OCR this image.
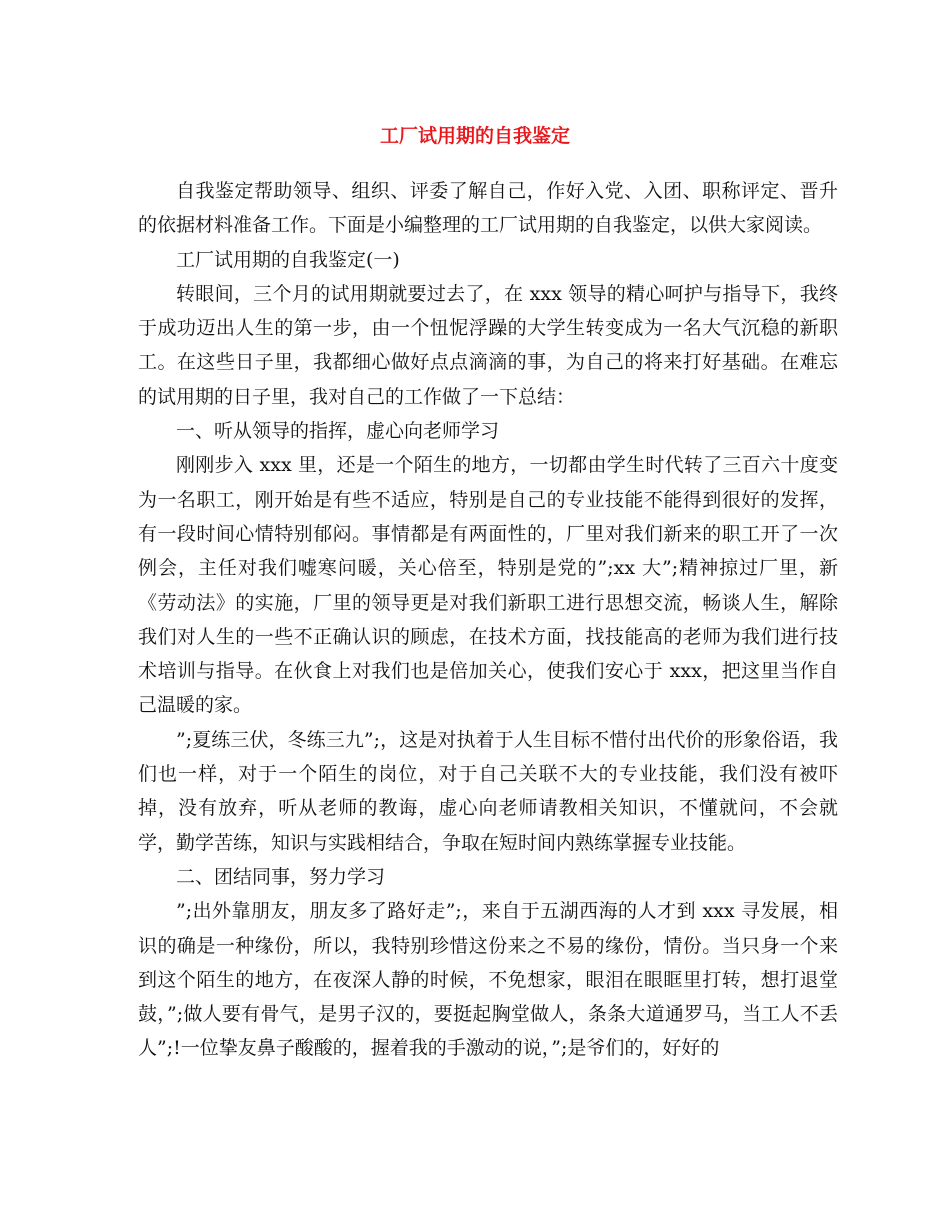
工厂试用期的自我鉴定

自我鉴定帮助领导、组织、评委了解自己，作好入党、入团、职称评定、晋升的依据材料准备工作。下面是小编整理的工厂试用期的自我鉴定，以供大家阅读。

工厂试用期的自我鉴定(一)

转眼间，三个月的试用期就要过去了，在 xxx 领导的精心呵护与指导下，我终于成功迈出人生的第一步，由一个忸怩浮躁的大学生转变成为一名大气沉稳的新职工。在这些日子里，我都细心做好点点滴滴的事，为自己的将来打好基础。在难忘的试用期的日子里，我对自己的工作做了一下总结：

一、听从领导的指挥，虚心向老师学习

刚刚步入 xxx 里，还是一个陌生的地方，一切都由学生时代转了三百六十度变为一名职工，刚开始是有些不适应，特别是自己的专业技能不能得到很好的发挥，有一段时间心情特别郁闷。事情都是有两面性的，厂里对我们新来的职工开了一次例会，主任对我们嘘寒问暖，关心倍至，特别是党的”;xx 大”;精神掠过厂里，新《劳动法》的实施，厂里的领导更是对我们新职工进行思想交流，畅谈人生，解除我们对人生的一些不正确认识的顾虑，在技术方面，找技能高的老师为我们进行技术培训与指导。在伙食上对我们也是倍加关心，使我们安心于 xxx，把这里当作自己温暖的家。

”;夏练三伏，冬练三九”;，这是对执着于人生目标不惜付出代价的形象俗语，我们也一样，对于一个陌生的岗位，对于自己关联不大的专业技能，我们没有被吓掉，没有放弃，听从老师的教诲，虚心向老师请教相关知识，不懂就问，不会就学，勤学苦练，知识与实践相结合，争取在短时间内熟练掌握专业技能。

二、团结同事，努力学习

”;出外靠朋友，朋友多了路好走”;，来自于五湖西海的人才到 xxx 寻发展，相识的确是一种缘份，所以，我特别珍惜这份来之不易的缘份，情份。当只身一个来到这个陌生的地方，在夜深人静的时候，不免想家，眼泪在眼眶里打转，想打退堂鼓，”;做人要有骨气，是男子汉的，要挺起胸堂做人，条条大道通罗马，当工人不丢人”;!一位挚友鼻子酸酸的，握着我的手激动的说，”;是爷们的，好好的
